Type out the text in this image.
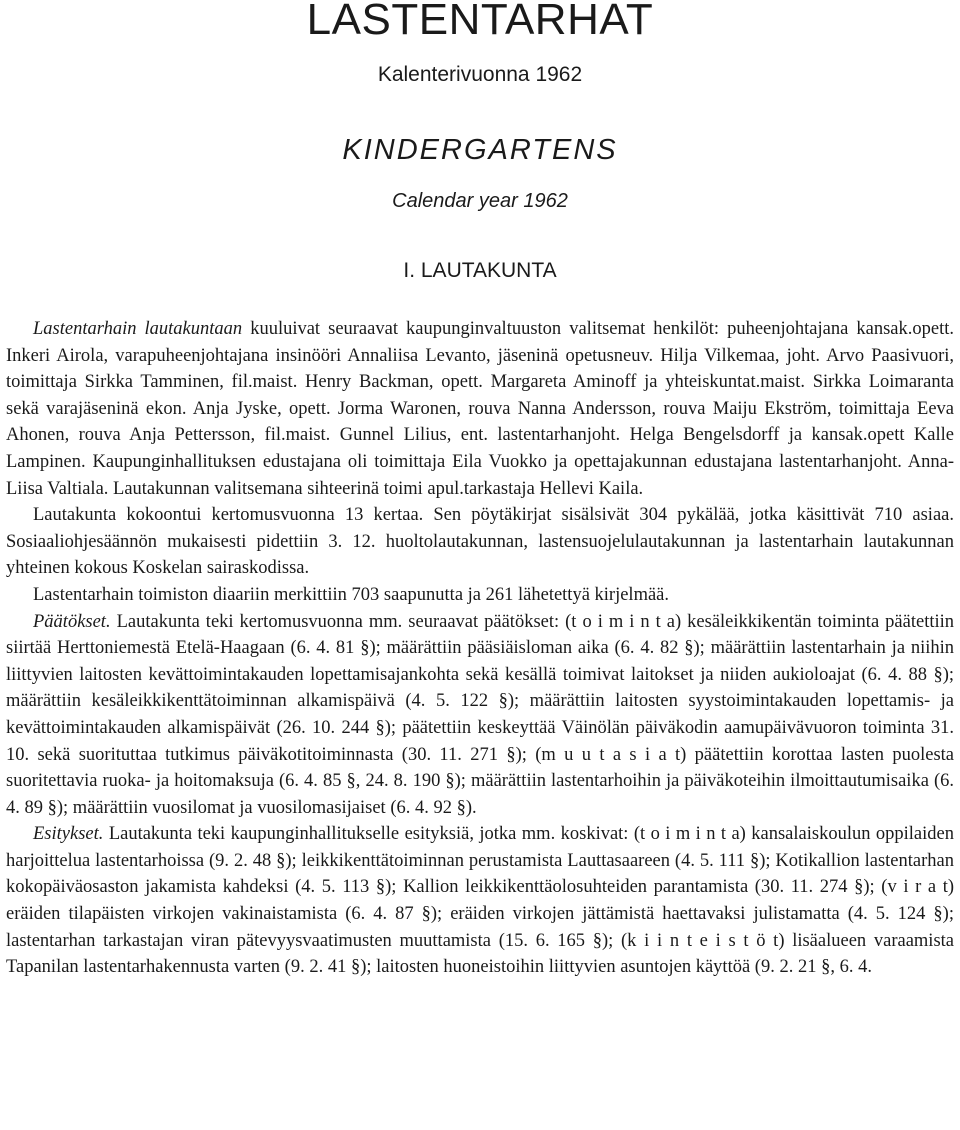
LASTENTARHAT
Kalenterivuonna 1962
KINDERGARTENS
Calendar year 1962
I. LAUTAKUNTA

Lastentarhain lautakuntaan kuuluivat seuraavat kaupunginvaltuuston valitsemat henkilöt: puheenjohtajana kansak.opett. Inkeri Airola, varapuheenjohtajana insinööri Annaliisa Levanto, jäseninä opetusneuv. Hilja Vilkemaa, joht. Arvo Paasivuori, toimittaja Sirkka Tamminen, fil.maist. Henry Backman, opett. Margareta Aminoff ja yhteiskuntat.maist. Sirkka Loimaranta sekä varajäseninä ekon. Anja Jyske, opett. Jorma Waronen, rouva Nanna Andersson, rouva Maiju Ekström, toimittaja Eeva Ahonen, rouva Anja Pettersson, fil.maist. Gunnel Lilius, ent. lastentarhanjoht. Helga Bengelsdorff ja kansak.opett Kalle Lampinen. Kaupunginhallituksen edustajana oli toimittaja Eila Vuokko ja opettajakunnan edustajana lastentarhanjoht. Anna-Liisa Valtiala. Lautakunnan valitsemana sihteerinä toimi apul.tarkastaja Hellevi Kaila.

Lautakunta kokoontui kertomusvuonna 13 kertaa. Sen pöytäkirjat sisälsivät 304 pykälää, jotka käsittivät 710 asiaa. Sosiaaliohjesäännön mukaisesti pidettiin 3. 12. huoltolautakunnan, lastensuojelulautakunnan ja lastentarhain lautakunnan yhteinen kokous Koskelan sairaskodissa.

Lastentarhain toimiston diaariin merkittiin 703 saapunutta ja 261 lähetettyä kirjelmää.

Päätökset. Lautakunta teki kertomusvuonna mm. seuraavat päätökset: (t o i m i n t a) kesäleikkikentän toiminta päätettiin siirtää Herttoniemestä Etelä-Haagaan (6. 4. 81 §); määrättiin pääsiäisloman aika (6. 4. 82 §); määrättiin lastentarhain ja niihin liittyvien laitosten kevättoimintakauden lopettamisajankohta sekä kesällä toimivat laitokset ja niiden aukioloajat (6. 4. 88 §); määrättiin kesäleikkikenttätoiminnan alkamispäivä (4. 5. 122 §); määrättiin laitosten syystoimintakauden lopettamis- ja kevättoimintakauden alkamispäivät (26. 10. 244 §); päätettiin keskeyttää Väinölän päiväkodin aamupäivävuoron toiminta 31. 10. sekä suorituttaa tutkimus päiväkotitoiminnasta (30. 11. 271 §); (m u u t a s i a t) päätettiin korottaa lasten puolesta suoritettavia ruoka- ja hoitomaksuja (6. 4. 85 §, 24. 8. 190 §); määrättiin lastentarhoihin ja päiväkoteihin ilmoittautumisaika (6. 4. 89 §); määrättiin vuosilomat ja vuosilomasijaiset (6. 4. 92 §).

Esitykset. Lautakunta teki kaupunginhallitukselle esityksiä, jotka mm. koskivat: (t o i m i n t a) kansalaiskoulun oppilaiden harjoittelua lastentarhoissa (9. 2. 48 §); leikkikenttätoiminnan perustamista Lauttasaareen (4. 5. 111 §); Kotikallion lastentarhan kokopäiväosaston jakamista kahdeksi (4. 5. 113 §); Kallion leikkikenttäolosuhteiden parantamista (30. 11. 274 §); (v i r a t) eräiden tilapäisten virkojen vakinaistamista (6. 4. 87 §); eräiden virkojen jättämistä haettavaksi julistamatta (4. 5. 124 §); lastentarhan tarkastajan viran pätevyysvaatimusten muuttamista (15. 6. 165 §); (k i i n t e i s t ö t) lisäalueen varaamista Tapanilan lastentarhakennusta varten (9. 2. 41 §); laitosten huoneistoihin liittyvien asuntojen käyttöä (9. 2. 21 §, 6. 4.
